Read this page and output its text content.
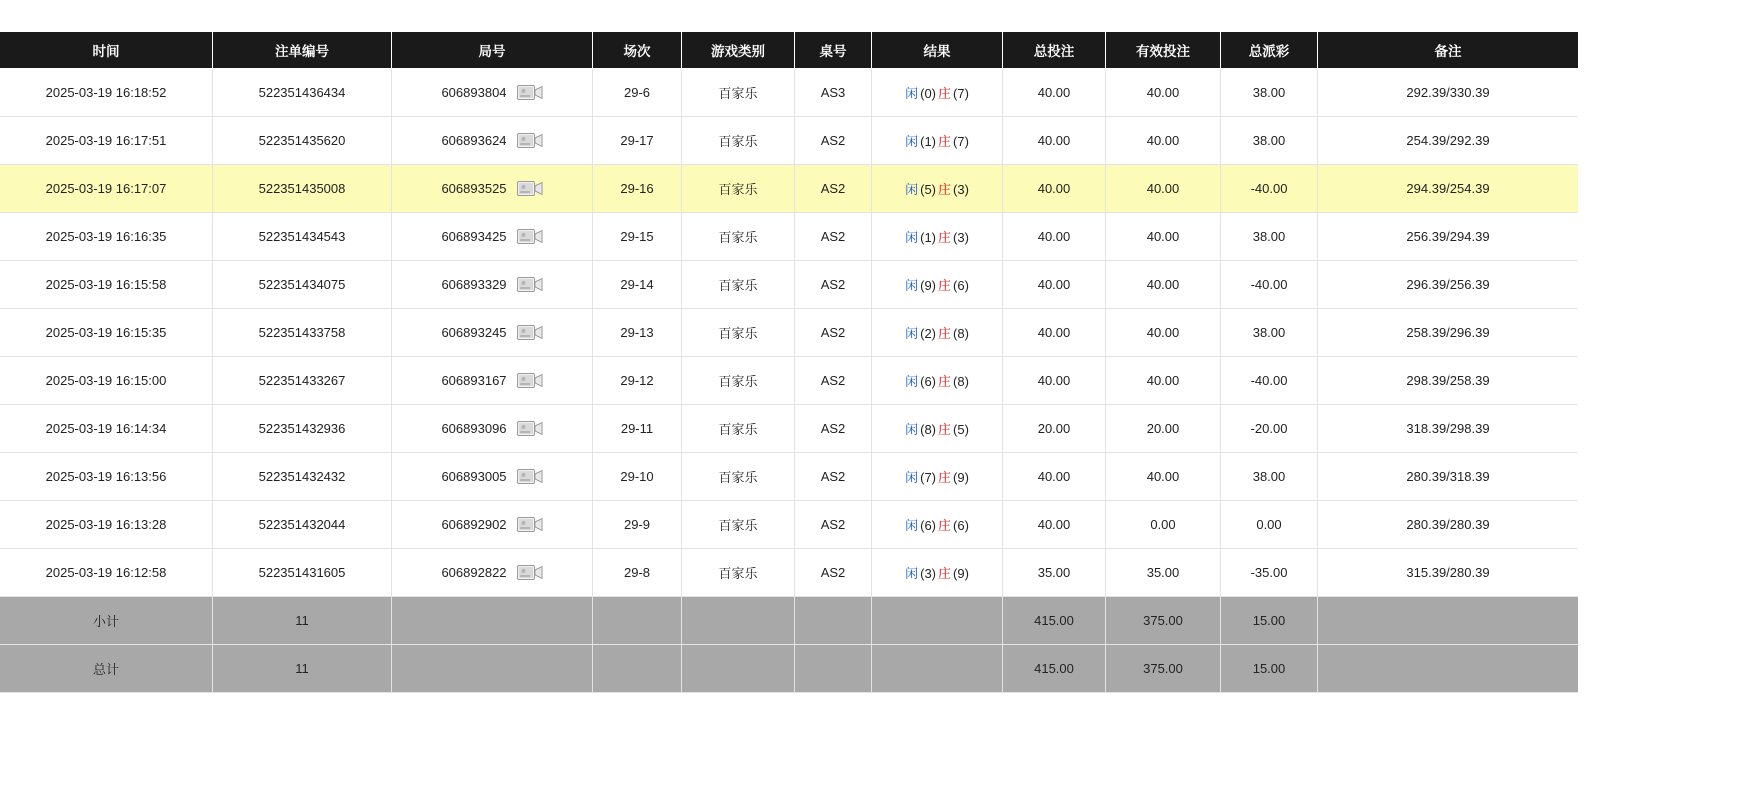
时间	注单编号	局号	场次	游戏类别	桌号	结果	总投注	有效投注	总派彩	备注
2025-03-19 16:18:52	522351436434	606893804	29-6	百家乐	AS3	闲 (0) 庄 (7)	40.00	40.00	38.00	292.39/330.39
2025-03-19 16:17:51	522351435620	606893624	29-17	百家乐	AS2	闲 (1) 庄 (7)	40.00	40.00	38.00	254.39/292.39
2025-03-19 16:17:07	522351435008	606893525	29-16	百家乐	AS2	闲 (5) 庄 (3)	40.00	40.00	-40.00	294.39/254.39
2025-03-19 16:16:35	522351434543	606893425	29-15	百家乐	AS2	闲 (1) 庄 (3)	40.00	40.00	38.00	256.39/294.39
2025-03-19 16:15:58	522351434075	606893329	29-14	百家乐	AS2	闲 (9) 庄 (6)	40.00	40.00	-40.00	296.39/256.39
2025-03-19 16:15:35	522351433758	606893245	29-13	百家乐	AS2	闲 (2) 庄 (8)	40.00	40.00	38.00	258.39/296.39
2025-03-19 16:15:00	522351433267	606893167	29-12	百家乐	AS2	闲 (6) 庄 (8)	40.00	40.00	-40.00	298.39/258.39
2025-03-19 16:14:34	522351432936	606893096	29-11	百家乐	AS2	闲 (8) 庄 (5)	20.00	20.00	-20.00	318.39/298.39
2025-03-19 16:13:56	522351432432	606893005	29-10	百家乐	AS2	闲 (7) 庄 (9)	40.00	40.00	38.00	280.39/318.39
2025-03-19 16:13:28	522351432044	606892902	29-9	百家乐	AS2	闲 (6) 庄 (6)	40.00	0.00	0.00	280.39/280.39
2025-03-19 16:12:58	522351431605	606892822	29-8	百家乐	AS2	闲 (3) 庄 (9)	35.00	35.00	-35.00	315.39/280.39
小计	11						415.00	375.00	15.00	
总计	11						415.00	375.00	15.00	
